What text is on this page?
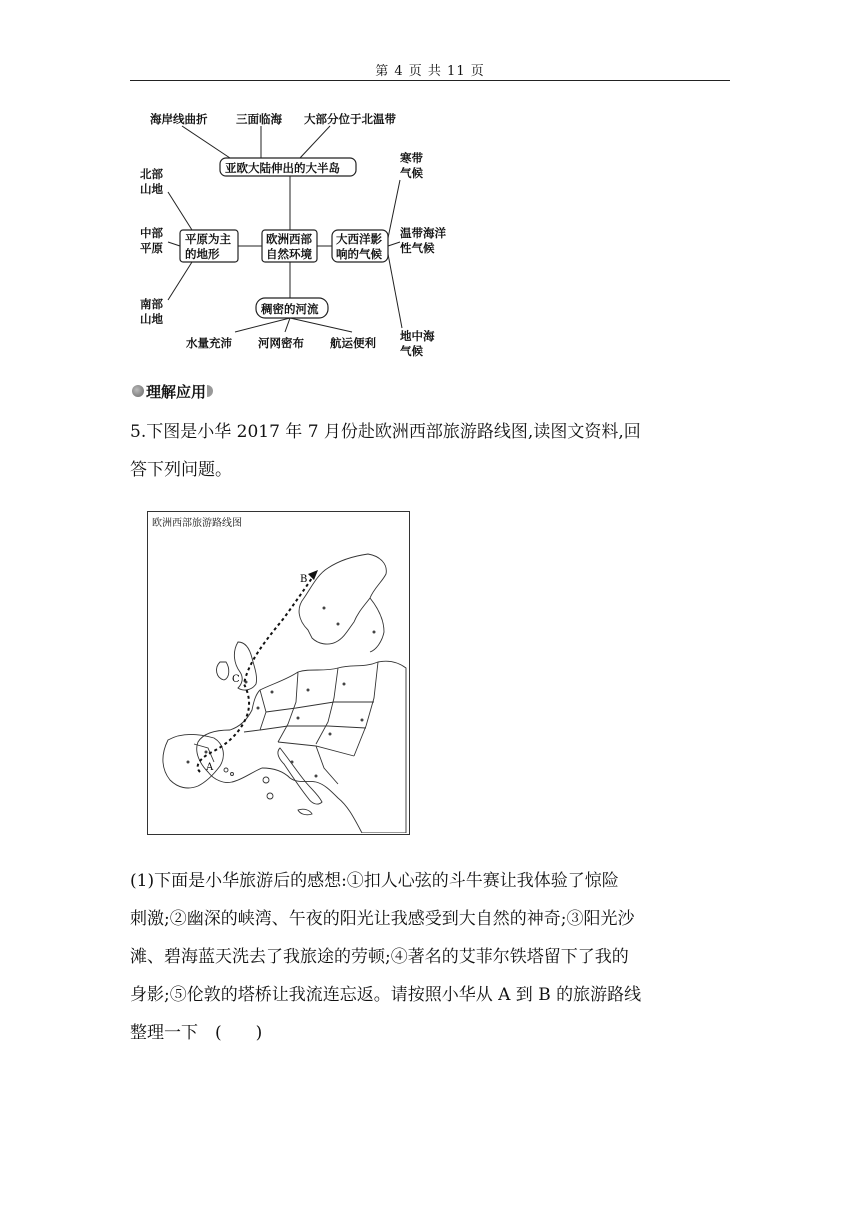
第 4 页 共 11 页
海岸线曲折 三面临海 大部分位于北温带
亚欧大陆伸出的大半岛
欧洲西部
自然环境
平原为主
的地形
北部
山地
中部
平原
南部
山地
大西洋影
响的气候
寒带
气候
温带海洋
性气候
地中海
气候
稠密的河流
水量充沛 河网密布 航运便利
理解应用
5.下图是小华 2017 年 7 月份赴欧洲西部旅游路线图,读图文资料,回
答下列问题。
A
B
C
欧洲西部旅游路线图
(1)下面是小华旅游后的感想:①扣人心弦的斗牛赛让我体验了惊险
刺激;②幽深的峡湾、午夜的阳光让我感受到大自然的神奇;③阳光沙
滩、碧海蓝天洗去了我旅途的劳顿;④著名的艾菲尔铁塔留下了我的
身影;⑤伦敦的塔桥让我流连忘返。请按照小华从 A 到 B 的旅游路线
整理一下　(　　)
